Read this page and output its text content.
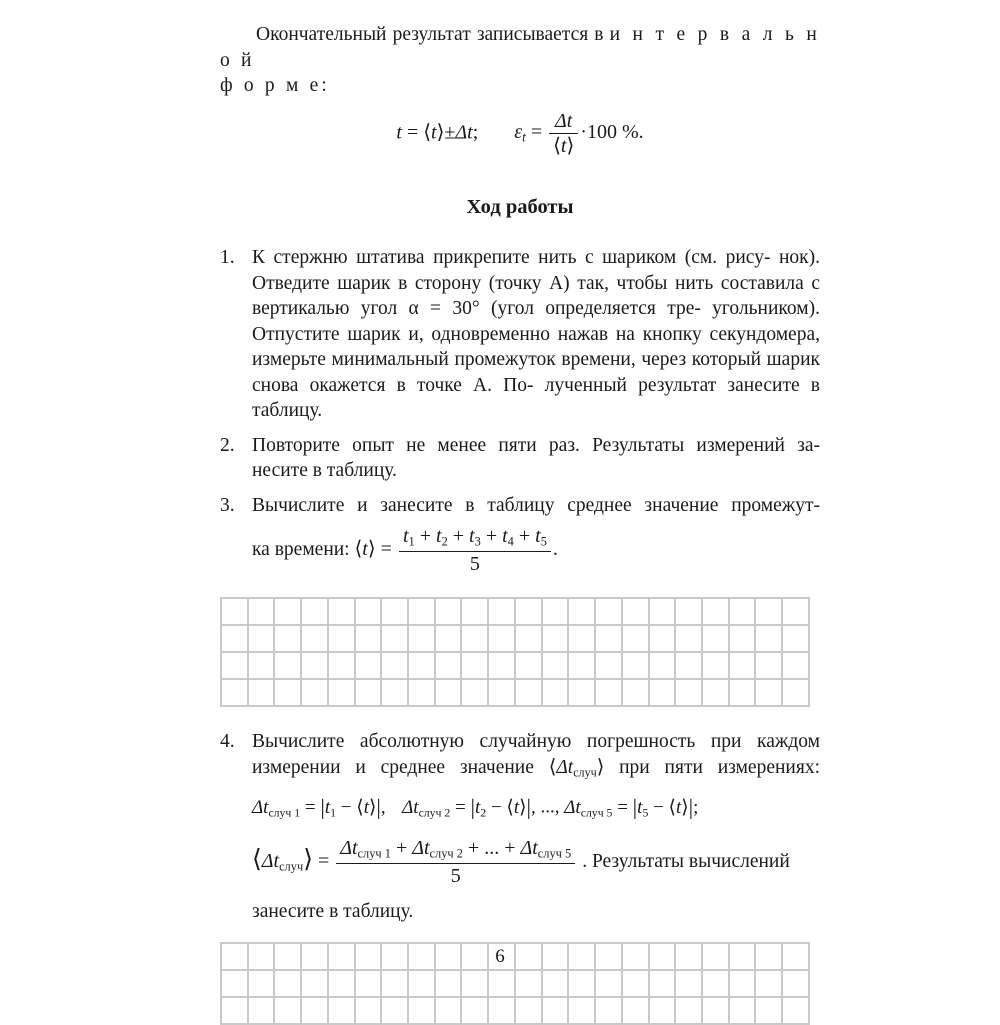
Окончательный результат записывается в и н т е р в а л ь н о й

ф о р м е:

t = ⟨t⟩±Δt; $\varepsilon_t = \frac{\Delta t}{⟨t⟩} \cdot 100$ %.
Ход работы
1. К стержню штатива прикрепите нить с шариком (см. рису- нок). Отведите шарик в сторону (точку A) так, чтобы нить составила с вертикалью угол α = 30° (угол определяется тре- угольником). Отпустите шарик и, одновременно нажав на кнопку секундомера, измерьте минимальный промежуток времени, через который шарик снова окажется в точке A. По- лученный результат занесите в таблицу.
2. Повторите опыт не менее пяти раз. Результаты измерений за- несите в таблицу.
3. Вычислите и занесите в таблицу среднее значение промежут-
ка времени: ⟨t⟩ = $\frac{t_1 + t_2 + t_3 + t_4 + t_5}{5}$ .

4. Вычислите абсолютную случайную погрешность при каждом
измерении и среднее значение $⟨\Delta t_{случ}⟩$ при пяти измерениях:
$\Delta t_{случ 1} = |t_1$ − ⟨t⟩|, $\Delta t_{случ 2} = |t_2$ − ⟨t⟩|, ..., $\Delta t_{случ 5} = |t_5$ − ⟨t⟩|;
$⟨\Delta t_{случ}⟩ = \frac{\Delta t_{случ 1} + \Delta t_{случ 2} + ... + \Delta t_{случ 5}}{5}$ . Результаты вычислений
занесите в таблицу.

6
